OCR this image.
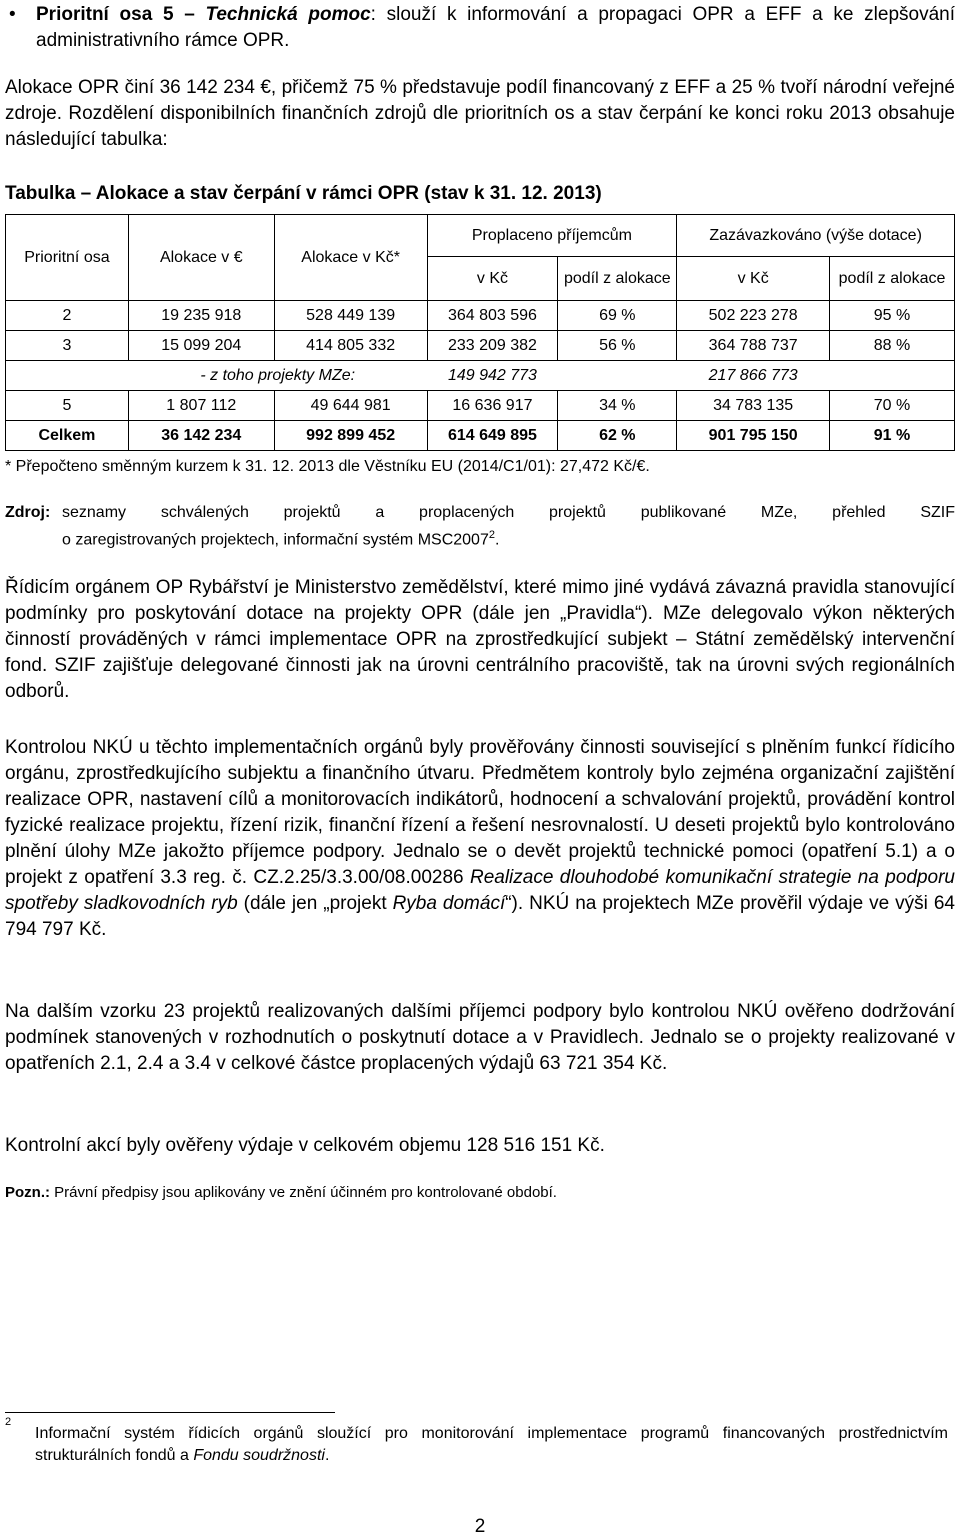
• Prioritní osa 5 – Technická pomoc: slouží k informování a propagaci OPR a EFF a ke zlepšování administrativního rámce OPR.
Alokace OPR činí 36 142 234 €, přičemž 75 % představuje podíl financovaný z EFF a 25 % tvoří národní veřejné zdroje. Rozdělení disponibilních finančních zdrojů dle prioritních os a stav čerpání ke konci roku 2013 obsahuje následující tabulka:
Tabulka – Alokace a stav čerpání v rámci OPR (stav k 31. 12. 2013)
Prioritní osa	Alokace v €	Alokace v Kč*	Proplaceno příjemcům		Zazávazkováno (výše dotace)	
			v Kč	podíl z alokace	v Kč	podíl z alokace
2	19 235 918	528 449 139	364 803 596	69 %	502 223 278	95 %
3	15 099 204	414 805 332	233 209 382	56 %	364 788 737	88 %
	- z toho projekty MZe:		149 942 773		217 866 773	
5	1 807 112	49 644 981	16 636 917	34 %	34 783 135	70 %
Celkem	36 142 234	992 899 452	614 649 895	62 %	901 795 150	91 %
* Přepočteno směnným kurzem k 31. 12. 2013 dle Věstníku EU (2014/C1/01): 27,472 Kč/€.
Zdroj: seznamy schválených projektů a proplacených projektů publikované MZe, přehled SZIF
o zaregistrovaných projektech, informační systém MSC2007$^2$.
Řídicím orgánem OP Rybářství je Ministerstvo zemědělství, které mimo jiné vydává závazná pravidla stanovující podmínky pro poskytování dotace na projekty OPR (dále jen „Pravidla“). MZe delegovalo výkon některých činností prováděných v rámci implementace OPR na zprostředkující subjekt – Státní zemědělský intervenční fond. SZIF zajišťuje delegované činnosti jak na úrovni centrálního pracoviště, tak na úrovni svých regionálních odborů.
Kontrolou NKÚ u těchto implementačních orgánů byly prověřovány činnosti související s plněním funkcí řídicího orgánu, zprostředkujícího subjektu a finančního útvaru. Předmětem kontroly bylo zejména organizační zajištění realizace OPR, nastavení cílů a monitorovacích indikátorů, hodnocení a schvalování projektů, provádění kontrol fyzické realizace projektu, řízení rizik, finanční řízení a řešení nesrovnalostí. U deseti projektů bylo kontrolováno plnění úlohy MZe jakožto příjemce podpory. Jednalo se o devět projektů technické pomoci (opatření 5.1) a o projekt z opatření 3.3 reg. č. CZ.2.25/3.3.00/08.00286 Realizace dlouhodobé komunikační strategie na podporu spotřeby sladkovodních ryb (dále jen „projekt Ryba domácí“). NKÚ na projektech MZe prověřil výdaje ve výši 64 794 797 Kč.
Na dalším vzorku 23 projektů realizovaných dalšími příjemci podpory bylo kontrolou NKÚ ověřeno dodržování podmínek stanovených v rozhodnutích o poskytnutí dotace a v Pravidlech. Jednalo se o projekty realizované v opatřeních 2.1, 2.4 a 3.4 v celkové částce proplacených výdajů 63 721 354 Kč.
Kontrolní akcí byly ověřeny výdaje v celkovém objemu 128 516 151 Kč.
Pozn.: Právní předpisy jsou aplikovány ve znění účinném pro kontrolované období.
2
Informační systém řídicích orgánů sloužící pro monitorování implementace programů financovaných prostřednictvím strukturálních fondů a Fondu soudržnosti.
2
